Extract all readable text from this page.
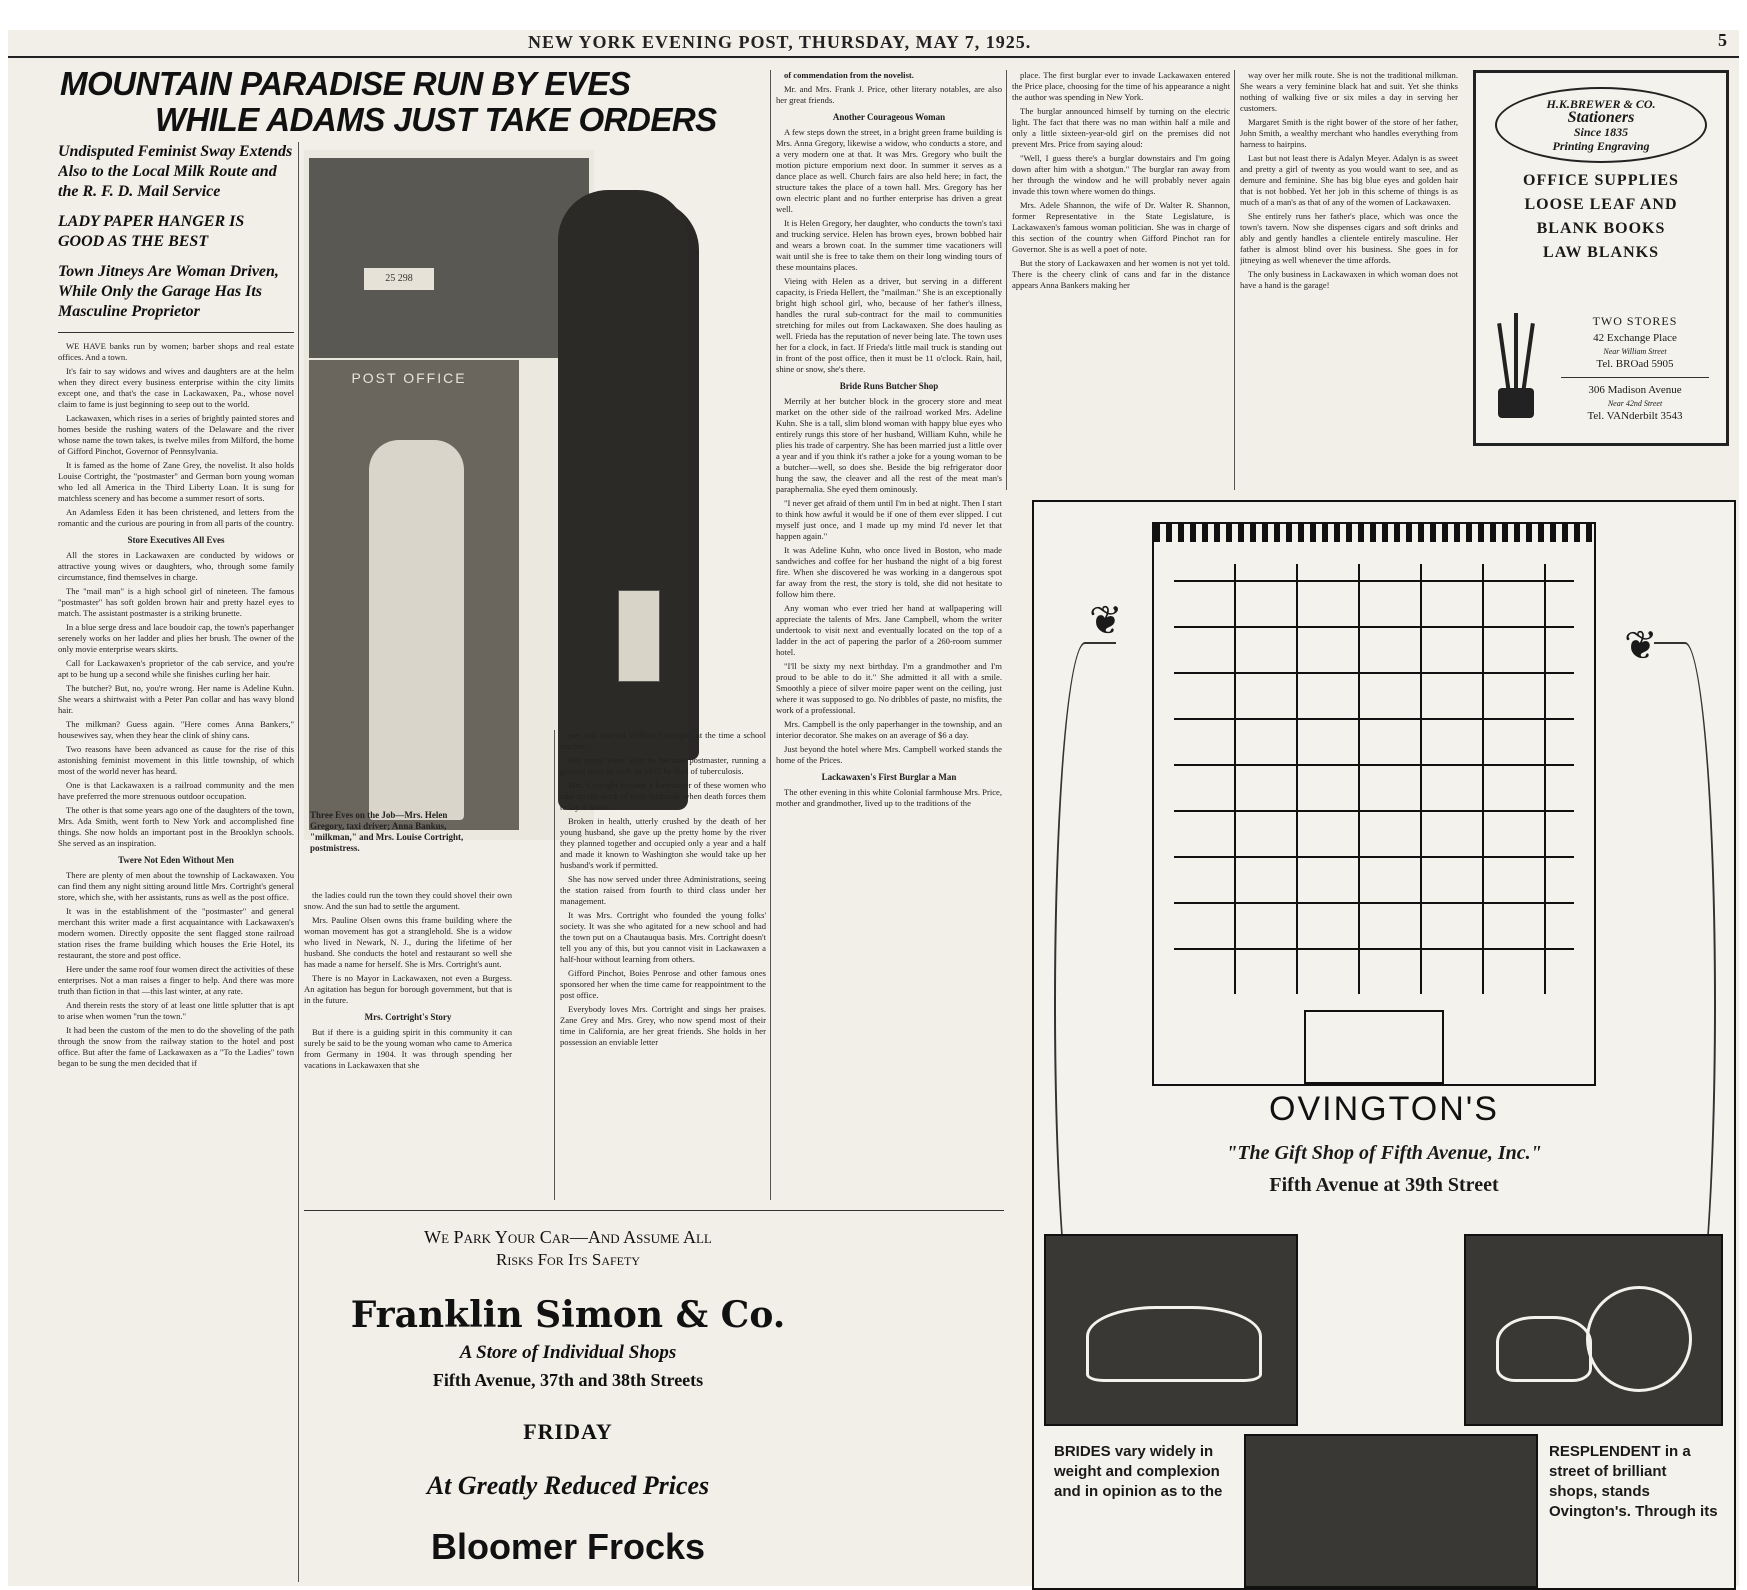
NEW YORK EVENING POST, THURSDAY, MAY 7, 1925.	5
MOUNTAIN PARADISE RUN BY EVES
WHILE ADAMS JUST TAKE ORDERS
Undisputed Feminist Sway Extends Also to the Local Milk Route and the R. F. D. Mail Service
LADY PAPER HANGER IS GOOD AS THE BEST
Town Jitneys Are Woman Driven, While Only the Garage Has Its Masculine Proprietor

WE HAVE banks run by women; barber shops and real estate offices. And a town.

It's fair to say widows and wives and daughters are at the helm when they direct every business enterprise within the city limits except one, and that's the case in Lackawaxen, Pa., whose novel claim to fame is just beginning to seep out to the world.

Lackawaxen, which rises in a series of brightly painted stores and homes beside the rushing waters of the Delaware and the river whose name the town takes, is twelve miles from Milford, the home of Gifford Pinchot, Governor of Pennsylvania.

It is famed as the home of Zane Grey, the novelist. It also holds Louise Cortright, the "postmaster" and German born young woman who led all America in the Third Liberty Loan. It is sung for matchless scenery and has become a summer resort of sorts.

An Adamless Eden it has been christened, and letters from the romantic and the curious are pouring in from all parts of the country.

Store Executives All Eves

All the stores in Lackawaxen are conducted by widows or attractive young wives or daughters, who, through some family circumstance, find themselves in charge.

The "mail man" is a high school girl of nineteen. The famous "postmaster" has soft golden brown hair and pretty hazel eyes to match. The assistant postmaster is a striking brunette.

In a blue serge dress and lace boudoir cap, the town's paperhanger serenely works on her ladder and plies her brush. The owner of the only movie enterprise wears skirts.

Call for Lackawaxen's proprietor of the cab service, and you're apt to be hung up a second while she finishes curling her hair.

The butcher? But, no, you're wrong. Her name is Adeline Kuhn. She wears a shirtwaist with a Peter Pan collar and has wavy blond hair.

The milkman? Guess again. "Here comes Anna Bankers," housewives say, when they hear the clink of shiny cans.

Two reasons have been advanced as cause for the rise of this astonishing feminist movement in this little township, of which most of the world never has heard.

One is that Lackawaxen is a railroad community and the men have preferred the more strenuous outdoor occupation.

The other is that some years ago one of the daughters of the town, Mrs. Ada Smith, went forth to New York and accomplished fine things. She now holds an important post in the Brooklyn schools. She served as an inspiration.

Twere Not Eden Without Men

There are plenty of men about the township of Lackawaxen. You can find them any night sitting around little Mrs. Cortright's general store, which she, with her assistants, runs as well as the post office.

It was in the establishment of the "postmaster" and general merchant this writer made a first acquaintance with Lackawaxen's modern women. Directly opposite the sent flagged stone railroad station rises the frame building which houses the Erie Hotel, its restaurant, the store and post office.

Here under the same roof four women direct the activities of these enterprises. Not a man raises a finger to help. And there was more truth than fiction in that —this last winter, at any rate.

And therein rests the story of at least one little splutter that is apt to arise when women "run the town."

It had been the custom of the men to do the shoveling of the path through the snow from the railway station to the hotel and post office. But after the fame of Lackawaxen as a "To the Ladies" town began to be sung the men decided that if

25 298
POST OFFICE
Three Eves on the Job—Mrs. Helen Gregory, taxi driver; Anna Bankus, "milkman," and Mrs. Louise Cortright, postmistress.

the ladies could run the town they could shovel their own snow. And the sun had to settle the argument.

Mrs. Pauline Olsen owns this frame building where the woman movement has got a stranglehold. She is a widow who lived in Newark, N. J., during the lifetime of her husband. She conducts the hotel and restaurant so well she has made a name for herself. She is Mrs. Cortright's aunt.

There is no Mayor in Lackawaxen, not even a Burgess. An agitation has begun for borough government, but that is in the future.

Mrs. Cortright's Story

But if there is a guiding spirit in this community it can surely be said to be the young woman who came to America from Germany in 1904. It was through spending her vacations in Lackawaxen that she

met and married William Cortright, at the time a school teacher.

Not many years after he became postmaster, running a general store as well. In 1915 he died of tuberculosis.

Mrs. Cortright became a forerunner of these women who take up the work of their husbands when death forces them to lay it down.

Broken in health, utterly crushed by the death of her young husband, she gave up the pretty home by the river they planned together and occupied only a year and a half and made it known to Washington she would take up her husband's work if permitted.

She has now served under three Administrations, seeing the station raised from fourth to third class under her management.

It was Mrs. Cortright who founded the young folks' society. It was she who agitated for a new school and had the town put on a Chautauqua basis. Mrs. Cortright doesn't tell you any of this, but you cannot visit in Lackawaxen a half-hour without learning from others.

Gifford Pinchot, Boies Penrose and other famous ones sponsored her when the time came for reappointment to the post office.

Everybody loves Mrs. Cortright and sings her praises. Zane Grey and Mrs. Grey, who now spend most of their time in California, are her great friends. She holds in her possession an enviable letter

of commendation from the novelist.

Mr. and Mrs. Frank J. Price, other literary notables, are also her great friends.

Another Courageous Woman

A few steps down the street, in a bright green frame building is Mrs. Anna Gregory, likewise a widow, who conducts a store, and a very modern one at that. It was Mrs. Gregory who built the motion picture emporium next door. In summer it serves as a dance place as well. Church fairs are also held here; in fact, the structure takes the place of a town hall. Mrs. Gregory has her own electric plant and no further enterprise has driven a great well.

It is Helen Gregory, her daughter, who conducts the town's taxi and trucking service. Helen has brown eyes, brown bobbed hair and wears a brown coat. In the summer time vacationers will wait until she is free to take them on their long winding tours of these mountains places.

Vieing with Helen as a driver, but serving in a different capacity, is Frieda Hellert, the "mailman." She is an exceptionally bright high school girl, who, because of her father's illness, handles the rural sub-contract for the mail to communities stretching for miles out from Lackawaxen. She does hauling as well. Frieda has the reputation of never being late. The town uses her for a clock, in fact. If Frieda's little mail truck is standing out in front of the post office, then it must be 11 o'clock. Rain, hail, shine or snow, she's there.

Bride Runs Butcher Shop

Merrily at her butcher block in the grocery store and meat market on the other side of the railroad worked Mrs. Adeline Kuhn. She is a tall, slim blond woman with happy blue eyes who entirely rungs this store of her husband, William Kuhn, while he plies his trade of carpentry. She has been married just a little over a year and if you think it's rather a joke for a young woman to be a butcher—well, so does she. Beside the big refrigerator door hung the saw, the cleaver and all the rest of the meat man's paraphernalia. She eyed them ominously.

"I never get afraid of them until I'm in bed at night. Then I start to think how awful it would be if one of them ever slipped. I cut myself just once, and I made up my mind I'd never let that happen again."

It was Adeline Kuhn, who once lived in Boston, who made sandwiches and coffee for her husband the night of a big forest fire. When she discovered he was working in a dangerous spot far away from the rest, the story is told, she did not hesitate to follow him there.

Any woman who ever tried her hand at wallpapering will appreciate the talents of Mrs. Jane Campbell, whom the writer undertook to visit next and eventually located on the top of a ladder in the act of papering the parlor of a 260-room summer hotel.

"I'll be sixty my next birthday. I'm a grandmother and I'm proud to be able to do it." She admitted it all with a smile. Smoothly a piece of silver moire paper went on the ceiling, just where it was supposed to go. No dribbles of paste, no misfits, the work of a professional.

Mrs. Campbell is the only paperhanger in the township, and an interior decorator. She makes on an average of $6 a day.

Just beyond the hotel where Mrs. Campbell worked stands the home of the Prices.

Lackawaxen's First Burglar a Man

The other evening in this white Colonial farmhouse Mrs. Price, mother and grandmother, lived up to the traditions of the

place. The first burglar ever to invade Lackawaxen entered the Price place, choosing for the time of his appearance a night the author was spending in New York.

The burglar announced himself by turning on the electric light. The fact that there was no man within half a mile and only a little sixteen-year-old girl on the premises did not prevent Mrs. Price from saying aloud:

"Well, I guess there's a burglar downstairs and I'm going down after him with a shotgun." The burglar ran away from her through the window and he will probably never again invade this town where women do things.

Mrs. Adele Shannon, the wife of Dr. Walter R. Shannon, former Representative in the State Legislature, is Lackawaxen's famous woman politician. She was in charge of this section of the country when Gifford Pinchot ran for Governor. She is as well a poet of note.

But the story of Lackawaxen and her women is not yet told. There is the cheery clink of cans and far in the distance appears Anna Bankers making her

way over her milk route. She is not the traditional milkman. She wears a very feminine black hat and suit. Yet she thinks nothing of walking five or six miles a day in serving her customers.

Margaret Smith is the right bower of the store of her father, John Smith, a wealthy merchant who handles everything from harness to hairpins.

Last but not least there is Adalyn Meyer. Adalyn is as sweet and pretty a girl of twenty as you would want to see, and as demure and feminine. She has big blue eyes and golden hair that is not bobbed. Yet her job in this scheme of things is as much of a man's as that of any of the women of Lackawaxen.

She entirely runs her father's place, which was once the town's tavern. Now she dispenses cigars and soft drinks and ably and gently handles a clientele entirely masculine. Her father is almost blind over his business. She goes in for jitneying as well whenever the time affords.

The only business in Lackawaxen in which woman does not have a hand is the garage!

H.K.BREWER & CO.
Stationers
Since 1835
Printing Engraving
OFFICE SUPPLIES
LOOSE LEAF AND
BLANK BOOKS
LAW BLANKS
TWO STORES
42 Exchange Place
Near William Street
Tel. BROad 5905
306 Madison Avenue
Near 42nd Street
Tel. VANderbilt 3543
We Park Your Car—And Assume All
Risks For Its Safety
Franklin Simon & Co.
A Store of Individual Shops
Fifth Avenue, 37th and 38th Streets
FRIDAY
At Greatly Reduced Prices
Bloomer Frocks
❦
❦
OVINGTON'S
"The Gift Shop of Fifth Avenue, Inc."
Fifth Avenue at 39th Street
BRIDES vary widely in weight and complexion and in opinion as to the
RESPLENDENT in a street of brilliant shops, stands Ovington's. Through its
